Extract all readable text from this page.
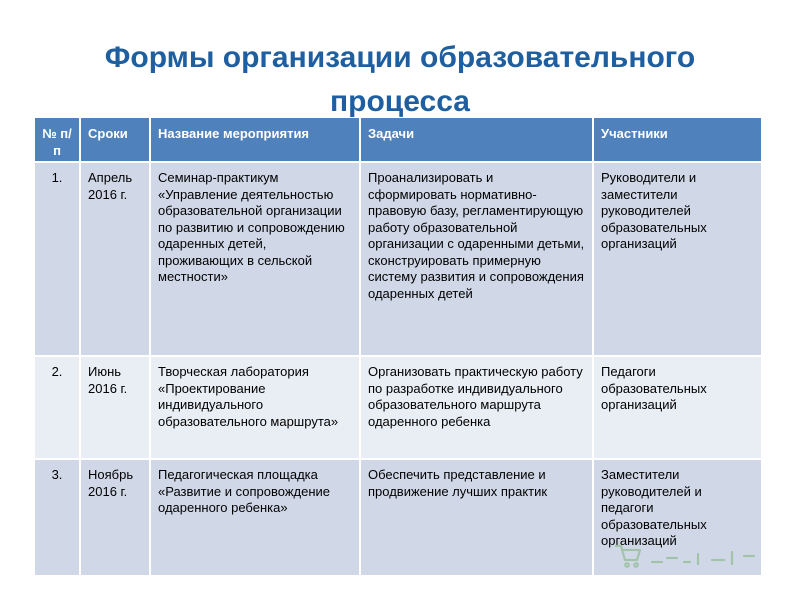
Формы организации образовательного
процесса
№ п/п	Сроки	Название мероприятия	Задачи	Участники
1.	Апрель 2016 г.	Семинар-практикум «Управление деятельностью образовательной организации по развитию и сопровождению одаренных детей, проживающих в сельской местности»	Проанализировать и сформировать нормативно-правовую базу, регламентирующую работу образовательной организации с одаренными детьми, сконструировать примерную систему развития и сопровождения одаренных детей	Руководители и заместители руководителей образовательных организаций
2.	Июнь 2016 г.	Творческая лаборатория «Проектирование индивидуального образовательного маршрута»	Организовать практическую работу по разработке индивидуального образовательного маршрута одаренного ребенка	Педагоги образовательных организаций
3.	Ноябрь 2016 г.	Педагогическая площадка «Развитие и сопровождение одаренного ребенка»	Обеспечить представление и продвижение лучших практик	Заместители руководителей и педагоги образовательных организаций
